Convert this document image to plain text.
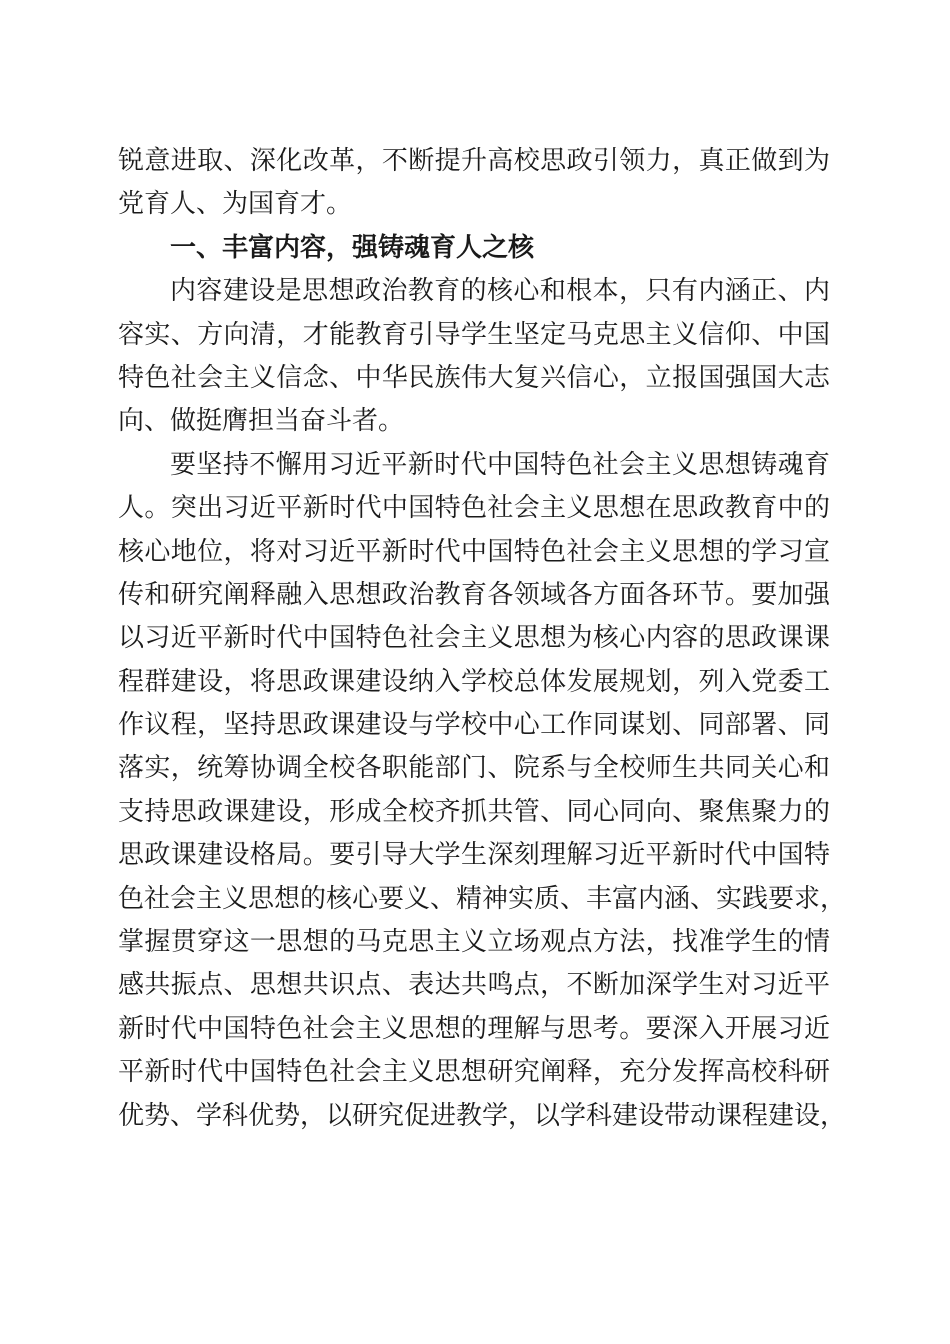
锐意进取、深化改革，不断提升高校思政引领力，真正做到为
党育人、为国育才。
一、丰富内容，强铸魂育人之核
内容建设是思想政治教育的核心和根本，只有内涵正、内
容实、方向清，才能教育引导学生坚定马克思主义信仰、中国
特色社会主义信念、中华民族伟大复兴信心，立报国强国大志
向、做挺膺担当奋斗者。
要坚持不懈用习近平新时代中国特色社会主义思想铸魂育
人。突出习近平新时代中国特色社会主义思想在思政教育中的
核心地位，将对习近平新时代中国特色社会主义思想的学习宣
传和研究阐释融入思想政治教育各领域各方面各环节。要加强
以习近平新时代中国特色社会主义思想为核心内容的思政课课
程群建设，将思政课建设纳入学校总体发展规划，列入党委工
作议程，坚持思政课建设与学校中心工作同谋划、同部署、同
落实，统筹协调全校各职能部门、院系与全校师生共同关心和
支持思政课建设，形成全校齐抓共管、同心同向、聚焦聚力的
思政课建设格局。要引导大学生深刻理解习近平新时代中国特
色社会主义思想的核心要义、精神实质、丰富内涵、实践要求，
掌握贯穿这一思想的马克思主义立场观点方法，找准学生的情
感共振点、思想共识点、表达共鸣点，不断加深学生对习近平
新时代中国特色社会主义思想的理解与思考。要深入开展习近
平新时代中国特色社会主义思想研究阐释，充分发挥高校科研
优势、学科优势，以研究促进教学，以学科建设带动课程建设，
